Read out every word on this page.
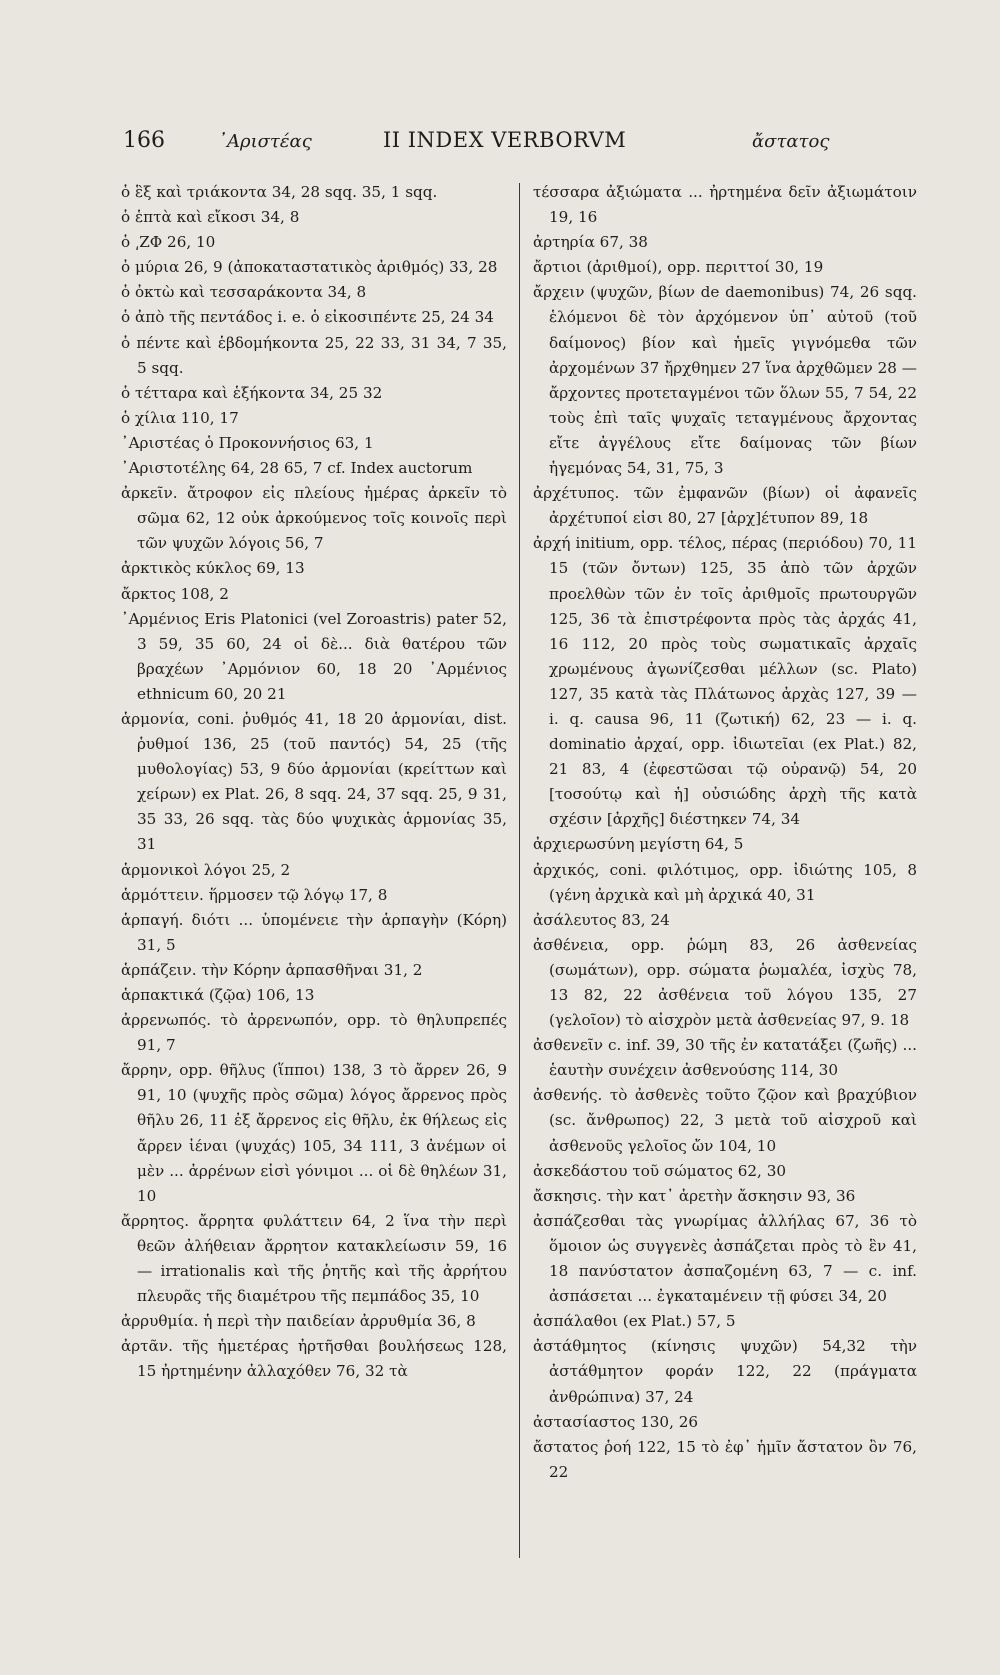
166	᾿Αριστέας	II INDEX VERBORVM	ἄστατος

ὁ ἓξ καὶ τριάκοντα 34, 28 sqq. 35, 1 sqq.

ὁ ἑπτὰ καὶ εἴκοσι 34, 8

ὁ ͵ΖΦ 26, 10

ὁ μύρια 26, 9 (ἀποκαταστατικὸς ἀριθμός) 33, 28

ὁ ὀκτὼ καὶ τεσσαράκοντα 34, 8

ὁ ἀπὸ τῆς πεντάδος i. e. ὁ εἰκοσιπέντε 25, 24 34

ὁ πέντε καὶ ἑβδομήκοντα 25, 22 33, 31 34, 7 35, 5 sqq.

ὁ τέτταρα καὶ ἑξήκοντα 34, 25 32

ὁ χίλια 110, 17

᾿Αριστέας ὁ Προκοννήσιος 63, 1

᾿Αριστοτέλης 64, 28 65, 7 cf. Index auctorum

ἀρκεῖν. ἄτροφον εἰς πλείους ἡμέρας ἀρκεῖν τὸ σῶμα 62, 12 οὐκ ἀρκούμενος τοῖς κοινοῖς περὶ τῶν ψυχῶν λόγοις 56, 7

ἀρκτικὸς κύκλος 69, 13

ἄρκτος 108, 2

᾿Αρμένιος Eris Platonici (vel Zoroastris) pater 52, 3 59, 35 60, 24 οἱ δὲ... διὰ θατέρου τῶν βραχέων ᾿Αρμόνιον 60, 18 20 ᾿Αρμένιος ethnicum 60, 20 21

ἁρμονία, coni. ῥυθμός 41, 18 20 ἁρμονίαι, dist. ῥυθμοί 136, 25 (τοῦ παντός) 54, 25 (τῆς μυθολογίας) 53, 9 δύο ἁρμονίαι (κρείττων καὶ χείρων) ex Plat. 26, 8 sqq. 24, 37 sqq. 25, 9 31, 35 33, 26 sqq. τὰς δύο ψυχικὰς ἁρμονίας 35, 31

ἁρμονικοὶ λόγοι 25, 2

ἁρμόττειν. ἥρμοσεν τῷ λόγῳ 17, 8

ἁρπαγή. διότι ... ὑπομένειε τὴν ἁρπαγὴν (Κόρη) 31, 5

ἁρπάζειν. τὴν Κόρην ἁρπασθῆναι 31, 2

ἁρπακτικά (ζῷα) 106, 13

ἀρρενωπός. τὸ ἀρρενωπόν, opp. τὸ θηλυπρεπές 91, 7

ἄρρην, opp. θῆλυς (ἵπποι) 138, 3 τὸ ἄρρεν 26, 9 91, 10 (ψυχῆς πρὸς σῶμα) λόγος ἄρρενος πρὸς θῆλυ 26, 11 ἐξ ἄρρενος εἰς θῆλυ, ἐκ θήλεως εἰς ἄρρεν ἰέναι (ψυχάς) 105, 34 111, 3 ἀνέμων οἱ μὲν ... ἀρρένων εἰσὶ γόνιμοι ... οἱ δὲ θηλέων 31, 10

ἄρρητος. ἄρρητα φυλάττειν 64, 2 ἵνα τὴν περὶ θεῶν ἀλήθειαν ἄρρητον κατακλείωσιν 59, 16 — irrationalis καὶ τῆς ῥητῆς καὶ τῆς ἀρρήτου πλευρᾶς τῆς διαμέτρου τῆς πεμπάδος 35, 10

ἀρρυθμία. ἡ περὶ τὴν παιδείαν ἀρρυθμία 36, 8

ἀρτᾶν. τῆς ἡμετέρας ἠρτῆσθαι βουλήσεως 128, 15 ἠρτημένην ἀλλαχόθεν 76, 32 τὰ

τέσσαρα ἀξιώματα ... ἠρτημένα δεῖν ἀξιωμάτοιν 19, 16

ἀρτηρία 67, 38

ἄρτιοι (ἀριθμοί), opp. περιττοί 30, 19

ἄρχειν (ψυχῶν, βίων de daemonibus) 74, 26 sqq. ἑλόμενοι δὲ τὸν ἀρχόμενον ὑπ᾿ αὐτοῦ (τοῦ δαίμονος) βίον καὶ ἡμεῖς γιγνόμεθα τῶν ἀρχομένων 37 ἤρχθημεν 27 ἵνα ἀρχθῶμεν 28 — ἄρχοντες προτεταγμένοι τῶν ὅλων 55, 7 54, 22 τοὺς ἐπὶ ταῖς ψυχαῖς τεταγμένους ἄρχοντας εἴτε ἀγγέλους εἴτε δαίμονας τῶν βίων ἡγεμόνας 54, 31, 75, 3

ἀρχέτυπος. τῶν ἐμφανῶν (βίων) οἱ ἀφανεῖς ἀρχέτυποί εἰσι 80, 27 [ἀρχ]έτυπον 89, 18

ἀρχή initium, opp. τέλος, πέρας (περιόδου) 70, 11 15 (τῶν ὄντων) 125, 35 ἀπὸ τῶν ἀρχῶν προελθὼν τῶν ἐν τοῖς ἀριθμοῖς πρωτουργῶν 125, 36 τὰ ἐπιστρέφοντα πρὸς τὰς ἀρχάς 41, 16 112, 20 πρὸς τοὺς σωματικαῖς ἀρχαῖς χρωμένους ἀγωνίζεσθαι μέλλων (sc. Plato) 127, 35 κατὰ τὰς Πλάτωνος ἀρχὰς 127, 39 — i. q. causa 96, 11 (ζωτική) 62, 23 — i. q. dominatio ἀρχαί, opp. ἰδιωτεῖαι (ex Plat.) 82, 21 83, 4 (ἐφεστῶσαι τῷ οὐρανῷ) 54, 20 [τοσούτῳ καὶ ἡ] οὐσιώδης ἀρχὴ τῆς κατὰ σχέσιν [ἀρχῆς] διέστηκεν 74, 34

ἀρχιερωσύνη μεγίστη 64, 5

ἀρχικός, coni. φιλότιμος, opp. ἰδιώτης 105, 8 (γένη ἀρχικὰ καὶ μὴ ἀρχικά 40, 31

ἀσάλευτος 83, 24

ἀσθένεια, opp. ῥώμη 83, 26 ἀσθενείας (σωμάτων), opp. σώματα ῥωμαλέα, ἰσχὺς 78, 13 82, 22 ἀσθένεια τοῦ λόγου 135, 27 (γελοῖον) τὸ αἰσχρὸν μετὰ ἀσθενείας 97, 9. 18

ἀσθενεῖν c. inf. 39, 30 τῆς ἐν κατατάξει (ζωῆς) ... ἑαυτὴν συνέχειν ἀσθενούσης 114, 30

ἀσθενής. τὸ ἀσθενὲς τοῦτο ζῷον καὶ βραχύβιον (sc. ἄνθρωπος) 22, 3 μετὰ τοῦ αἰσχροῦ καὶ ἀσθενοῦς γελοῖος ὤν 104, 10

ἀσκεδάστου τοῦ σώματος 62, 30

ἄσκησις. τὴν κατ᾿ ἀρετὴν ἄσκησιν 93, 36

ἀσπάζεσθαι τὰς γνωρίμας ἀλλήλας 67, 36 τὸ ὅμοιον ὡς συγγενὲς ἀσπάζεται πρὸς τὸ ἓν 41, 18 πανύστατον ἀσπαζομένη 63, 7 — c. inf. ἀσπάσεται ... ἐγκαταμένειν τῇ φύσει 34, 20

ἀσπάλαθοι (ex Plat.) 57, 5

ἀστάθμητος (κίνησις ψυχῶν) 54,32 τὴν ἀστάθμητον φοράν 122, 22 (πράγματα ἀνθρώπινα) 37, 24

ἀστασίαστος 130, 26

ἄστατος ῥοή 122, 15 τὸ ἐφ᾿ ἡμῖν ἄστατον ὂν 76, 22
